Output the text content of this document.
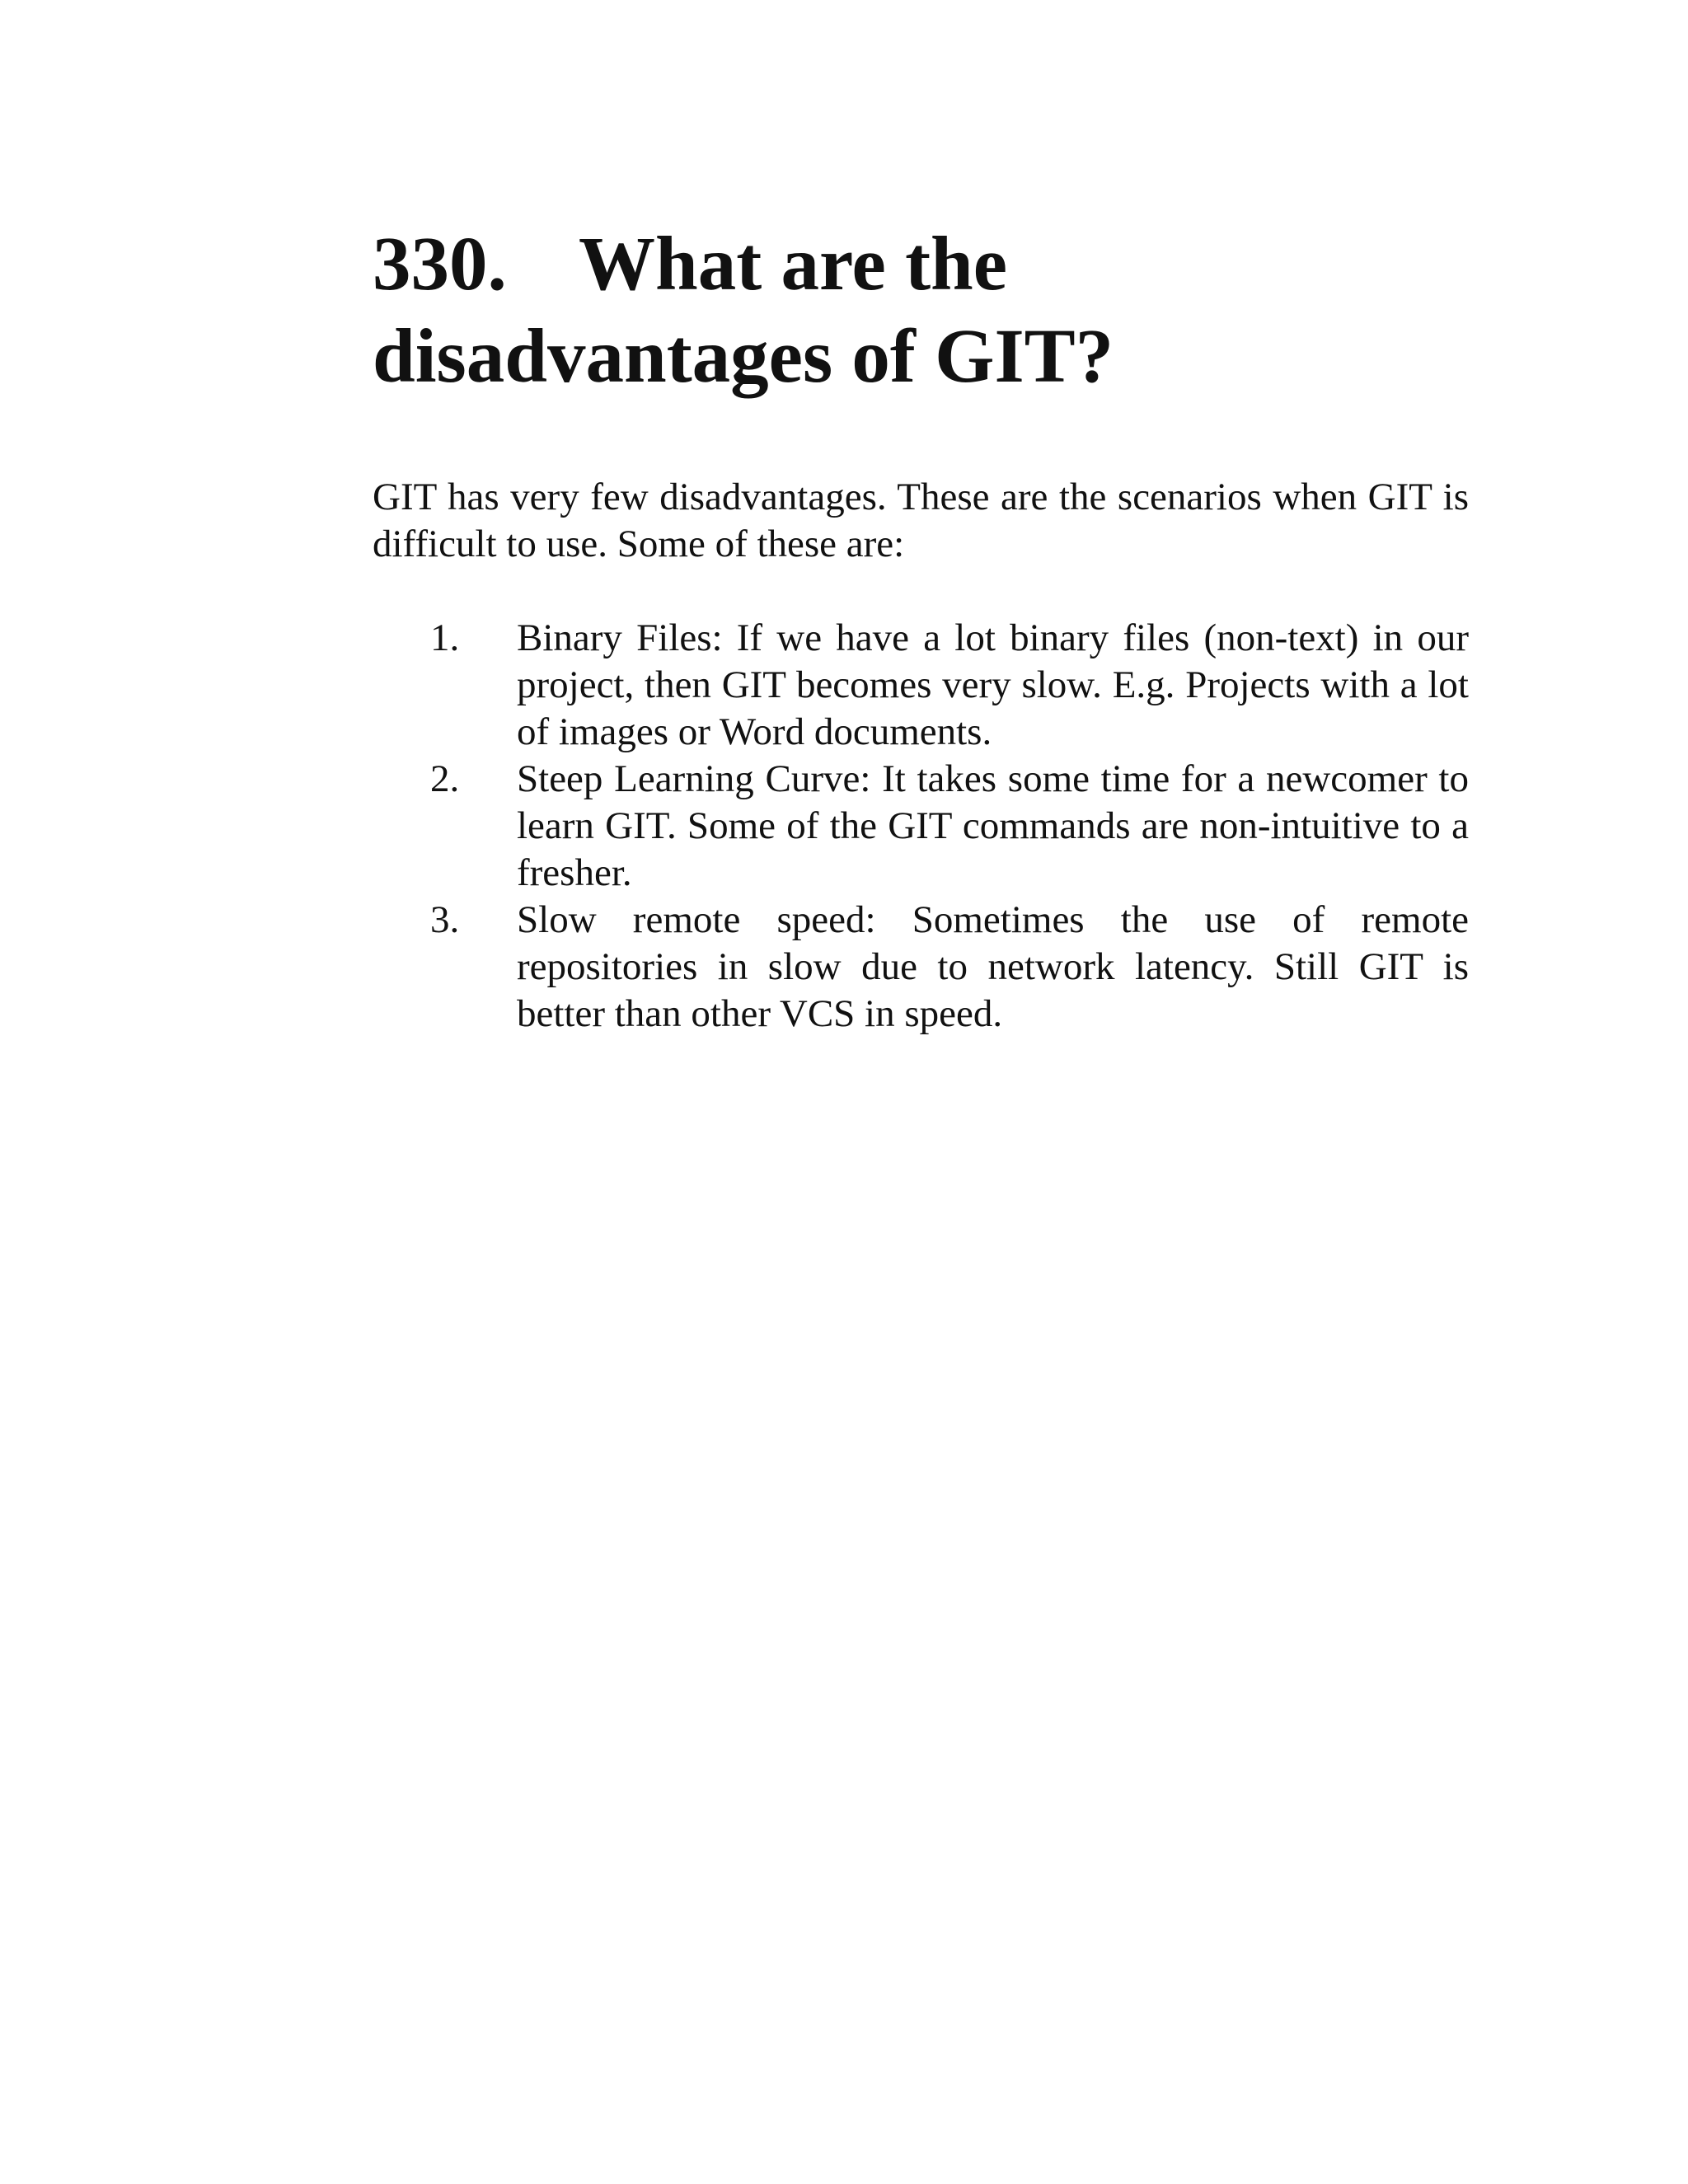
330. What are the disadvantages of GIT?

GIT has very few disadvantages. These are the scenarios when GIT is difficult to use. Some of these are:

1. Binary Files: If we have a lot binary files (non-text) in our project, then GIT becomes very slow. E.g. Projects with a lot of images or Word documents.
2. Steep Learning Curve: It takes some time for a newcomer to learn GIT. Some of the GIT commands are non-intuitive to a fresher.
3. Slow remote speed: Sometimes the use of remote repositories in slow due to network latency. Still GIT is better than other VCS in speed.
